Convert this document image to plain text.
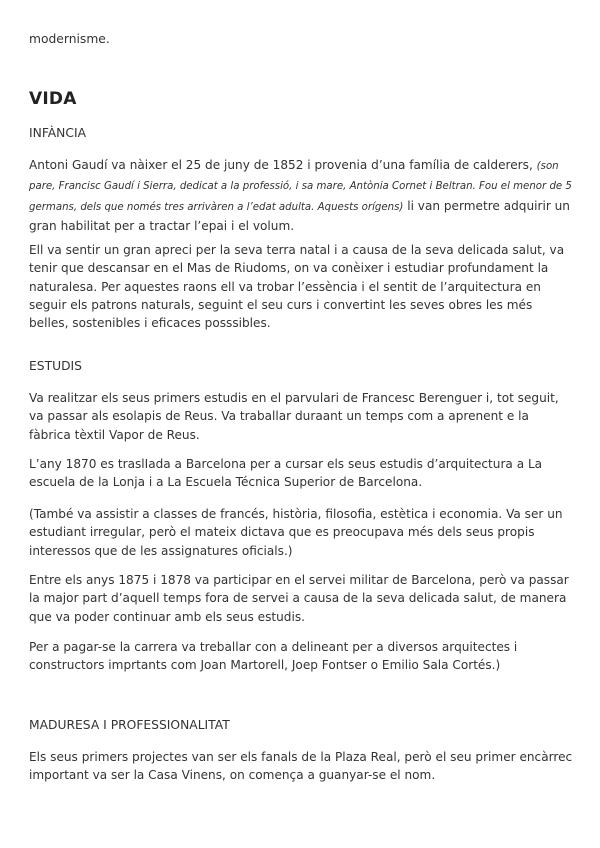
modernisme.

VIDA
INFÀNCIA

Antoni Gaudí va nàixer el 25 de juny de 1852 i provenia d’una família de calderers, (son pare, Francisc Gaudí i Sierra, dedicat a la professió, i sa mare, Antònia Cornet i Beltran. Fou el menor de 5 germans, dels que només tres arrivàren a l’edat adulta. Aquests orígens) li van permetre adquirir un gran habilitat per a tractar l’epai i el volum.

Ell va sentir un gran apreci per la seva terra natal i a causa de la seva delicada salut, va tenir que descansar en el Mas de Riudoms, on va conèixer i estudiar profundament la naturalesa. Per aquestes raons ell va trobar l’essència i el sentit de l’arquitectura en seguir els patrons naturals, seguint el seu curs i convertint les seves obres les més belles, sostenibles i eficaces posssibles.

ESTUDIS

Va realitzar els seus primers estudis en el parvulari de Francesc Berenguer i, tot seguit, va passar als esolapis de Reus. Va traballar duraant un temps com a aprenent e la fàbrica tèxtil Vapor de Reus.

L’any 1870 es traslIada a Barcelona per a cursar els seus estudis d’arquitectura a La escuela de la Lonja i a La Escuela Técnica Superior de Barcelona.

(També va assistir a classes de francés, història, filosofia, estètica i economia. Va ser un estudiant irregular, però el mateix dictava que es preocupava més dels seus propis interessos que de les assignatures oficials.)

Entre els anys 1875 i 1878 va participar en el servei militar de Barcelona, però va passar la major part d’aquell temps fora de servei a causa de la seva delicada salut, de manera que va poder continuar amb els seus estudis.

Per a pagar-se la carrera va treballar con a delineant per a diversos arquitectes i constructors imprtants com Joan Martorell, Joep Fontser o Emilio Sala Cortés.)

MADURESA I PROFESSIONALITAT

Els seus primers projectes van ser els fanals de la Plaza Real, però el seu primer encàrrec important va ser la Casa Vinens, on comença a guanyar-se el nom.
